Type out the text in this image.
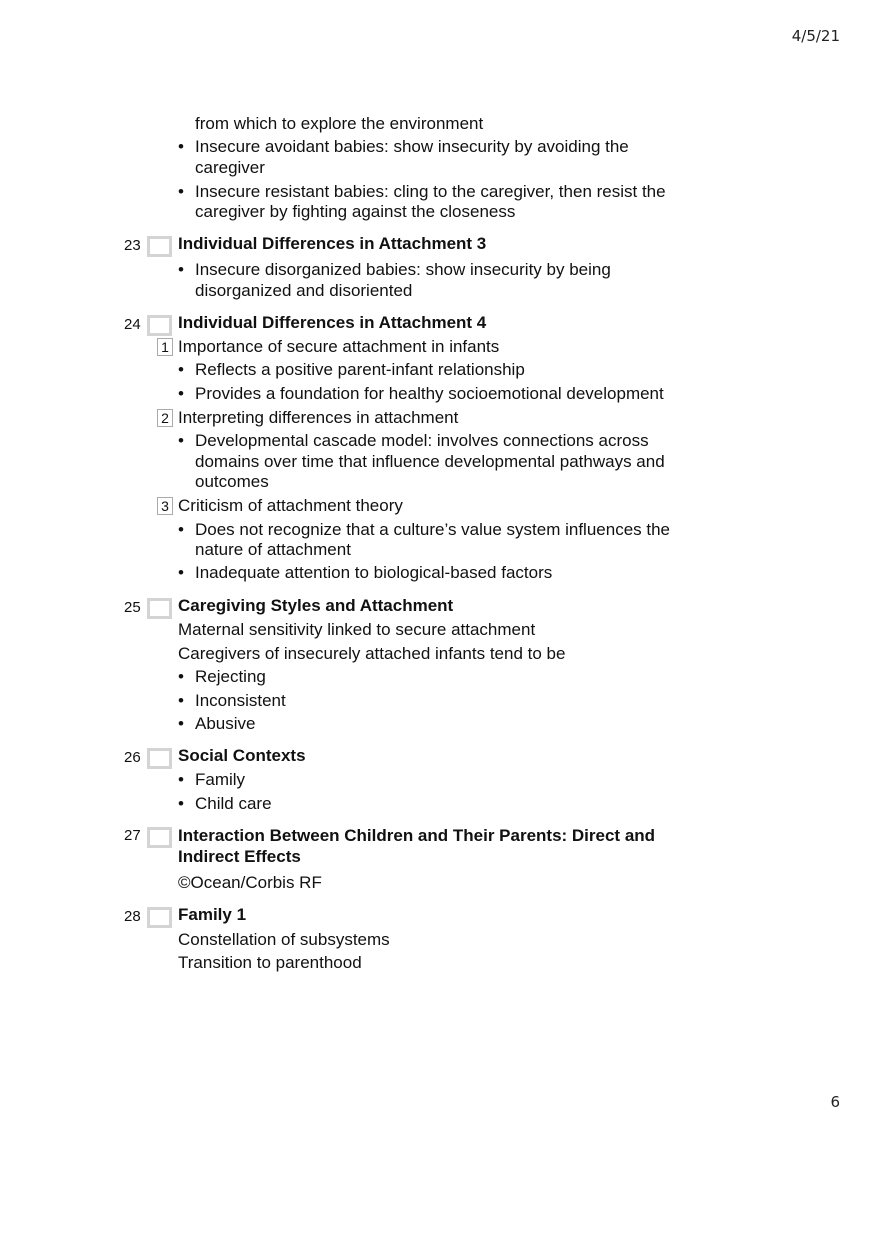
4/5/21
from which to explore the environment
• Insecure avoidant babies: show insecurity by avoiding the
caregiver
• Insecure resistant babies: cling to the caregiver, then resist the
caregiver by fighting against the closeness
23 Individual Differences in Attachment 3
• Insecure disorganized babies: show insecurity by being
disorganized and disoriented
24 Individual Differences in Attachment 4
1 Importance of secure attachment in infants
• Reflects a positive parent-infant relationship
• Provides a foundation for healthy socioemotional development
2 Interpreting differences in attachment
• Developmental cascade model: involves connections across
domains over time that influence developmental pathways and
outcomes
3 Criticism of attachment theory
• Does not recognize that a culture’s value system influences the
nature of attachment
• Inadequate attention to biological-based factors
25 Caregiving Styles and Attachment
Maternal sensitivity linked to secure attachment
Caregivers of insecurely attached infants tend to be
• Rejecting
• Inconsistent
• Abusive
26 Social Contexts
• Family
• Child care
27 Interaction Between Children and Their Parents: Direct and
Indirect Effects
©Ocean/Corbis RF
28 Family 1
Constellation of subsystems
Transition to parenthood
6
